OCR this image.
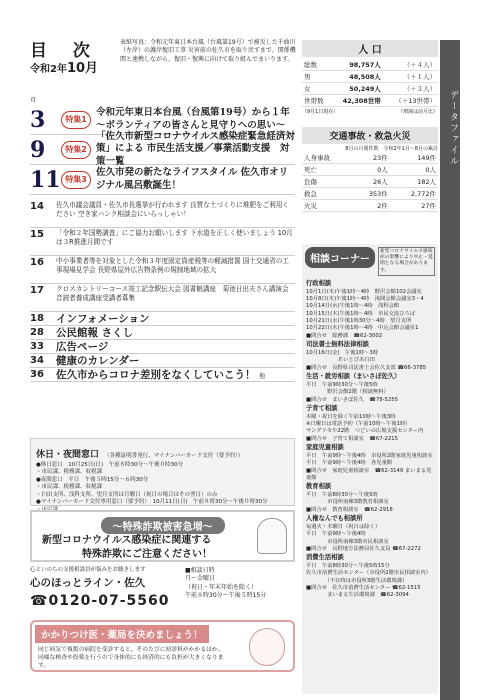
目 次
令和2年10月
表紙写真：令和元年東日本台風（台風第19号）で被災した千曲川（左岸）の護岸復旧工事 災害前の佐久市を取り戻すまで、関係機関と連携しながら、復旧・復興に向けて取り組んでまいります。
頁
3	特集1
令和元年東日本台風（台風第19号）から１年 ～ボランティアの皆さんと見守りへの思い～
9	特集2
「佐久市新型コロナウイルス感染症緊急経済対策」による 市民生活支援／事業活動支援　対策一覧
11 特集3
佐久市発の新たなライフスタイル 佐久市オリジナル風呂敷誕生！
14	佐久市議会議員・佐久市長選挙が行われます 良質な土づくりに堆肥をご利用ください 空き家バンク相談会にいらっしゃい！
15	「令和２年国勢調査」にご協力お願いします 下水道を正しく使いましょう 10月は３R推進月間です
16	中小事業者等を対象とした令和３年度固定資産税等の軽減措置 国土交通省の工事現場見学会 長野県屋外広告物条例の規制地域の拡大
17	クロスカントリーコース竣工記念駅伝大会 図書館講座　菊池日出夫さん講演会 音読者養成講座受講者募集
18	インフォメーション
28	公民館報 さくし
33	広告ページ
34	健康のカレンダー
36	佐久市からコロナ差別をなくしていこう！ 他
休日・夜間窓口 （各種証明書発行、マイナンバーカード交付（要予約））
●休日窓口　10月25日(日)　午前８時30分～午後０時30分
・市民課、税務課、収税課
●夜間窓口　平日　午後５時15分～６時30分
・市民課、税務課、収税課
・臼田支所、浅科支所、望月支所は月曜日（祝日の場合はその翌日）のみ
●マイナンバーカード交付専用窓口（要予約）　10月11日(日)　午前８時30分～午後０時30分
～特殊詐欺被害急増～
新型コロナウイルス感染症に関連する
特殊詐欺にご注意ください！
心といのちの支援相談員が悩みをお聴きします
心のほっとライン・佐久
☎0120-07-5560
■相談日時
月～金曜日
（祝日・年末年始を除く）
午前８時30分～午後５時15分
かかりつけ医・薬局を決めましょう！
同じ病気で複数の病院を受診すると、そのたびに初診料がかかるほか、同様な検査や投薬を行うので身体的にも経済的にも負担が大きくなります。
人 口
総数	98,757人	（＋４人）
男	48,508人	（＋１人）
女	50,249人	（＋３人）
世帯数	42,308世帯	（＋13世帯）
（9月1日現在）	（増減は前月比）
交通事故・救急火災
8月の月間件数　令和2年1月～8月の累計
人身事故	23件	149件
死亡	0人	0人
負傷	26人	182人
救急	353件	2,772件
火災	2件	27件
データファイル
相談コーナー
新型コロナウイルス感染症の影響により中止・延期となる場合があります。
行政相談
10月1日(木)午後1時～4時　野沢会館102会議室
10月8日(木)午後1時～4時　浅間会館会議室3・4
10月14日(水)午後1時～4時　浅科会館
10月15日(木)午後1時～4時　市民交流ひろば
10月21日(水)午後1時30分～4時　望月支所
10月22日(木)午後1時～4時　中込会館会議室1
■問合せ　総務課　☎62-3002
司法書士無料法律相談
10月16日(金)　午後1時～3時
　　　　　　あいとぴあ臼田
■問合せ　長野県司法書士会佐久支部 ☎66-3785
生活・就労相談（まいさぽ佐久）
平日　午前9時30分～午後5時
　　　　野沢会館2階（相談無料）
■問合せ　まいさぽ佐久　☎78-5255
子育て相談
木曜・祝日を除く午前10時～午後3時
※日曜日は電話予約（午前10時～午後1時）
サングリモや22階　つどいの広場支援センター内
■問合せ　子育て相談室　☎67-2215
家庭児童相談
平日　午前9時～午後4時　市役所2階家庭児童相談室
平日　午前9時～午後4時　各児童館
■問合せ　家庭児童相談室　☎62-3149 まいまる児童館
教育相談
平日　午前8時30分～午後5時
　　　　市役所南棟3階教育相談室
■問合せ　教育相談室　☎62-2918
人権なんでも相談所
毎週火・木曜日（祝日は除く）
平日　午前9時～午後4時
　　　　市役所南棟3階市民相談室
■問合せ　長野地方法務局佐久支局 ☎67-2272
消費生活相談
平日　午前8時30分～午後5時15分
佐久市消費生活センター（市役所2階市民相談室内）
　　　　（不在時は市役所3階生活環境課）
■問合せ　佐久市消費生活センター ☎62-1515
　　　　まいまる生活環境課　☎62-3094
